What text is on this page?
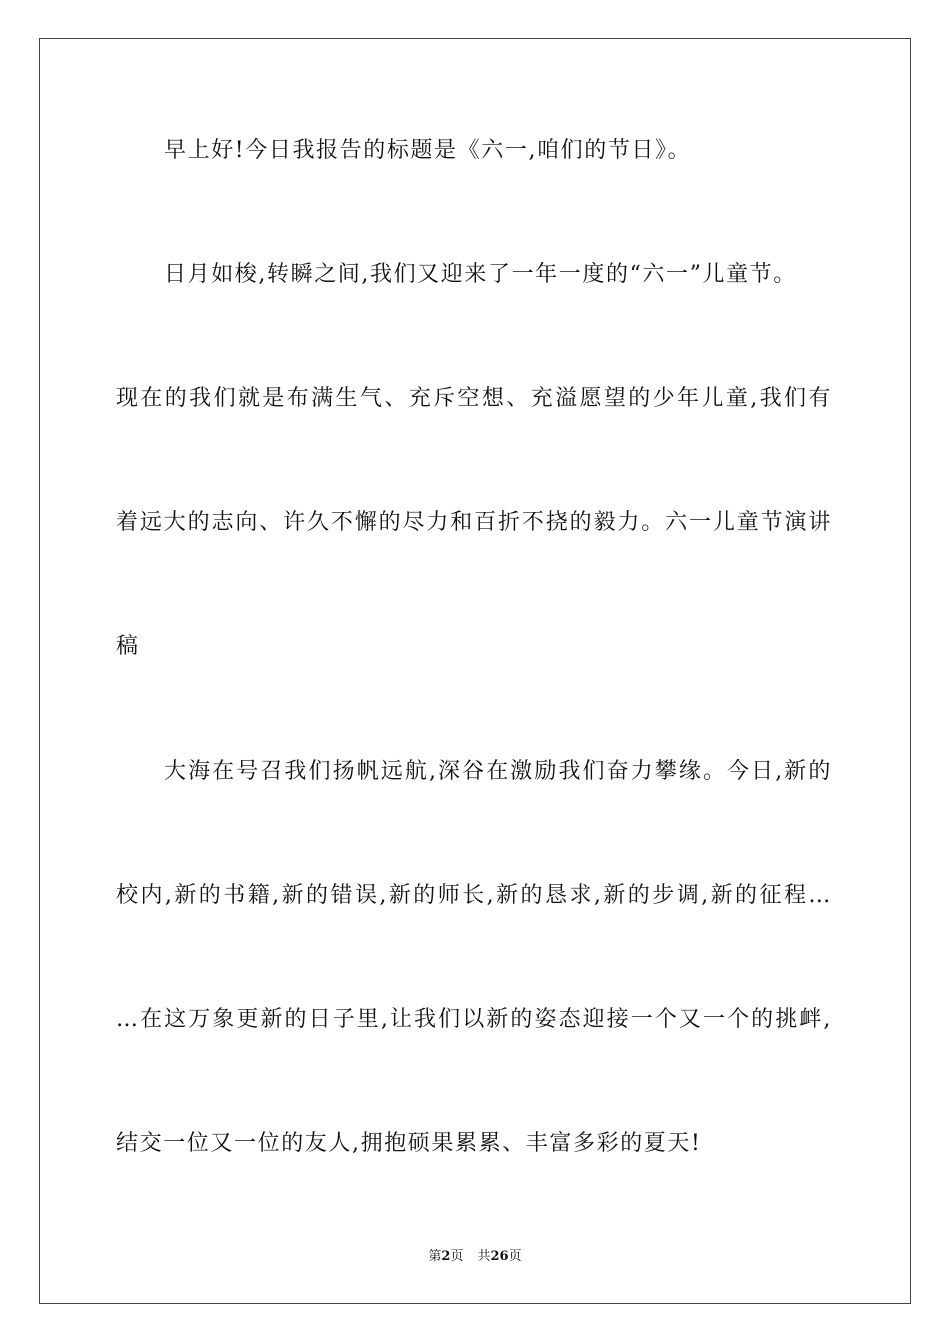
早上好!今日我报告的标题是《六一,咱们的节日》。
日月如梭,转瞬之间,我们又迎来了一年一度的“六一”儿童节。
现在的我们就是布满生气、充斥空想、充溢愿望的少年儿童,我们有
着远大的志向、许久不懈的尽力和百折不挠的毅力。六一儿童节演讲
稿
大海在号召我们扬帆远航,深谷在激励我们奋力攀缘。今日,新的
校内,新的书籍,新的错误,新的师长,新的恳求,新的步调,新的征程…
…在这万象更新的日子里,让我们以新的姿态迎接一个又一个的挑衅,
结交一位又一位的友人,拥抱硕果累累、丰富多彩的夏天!
第2页 共26页
